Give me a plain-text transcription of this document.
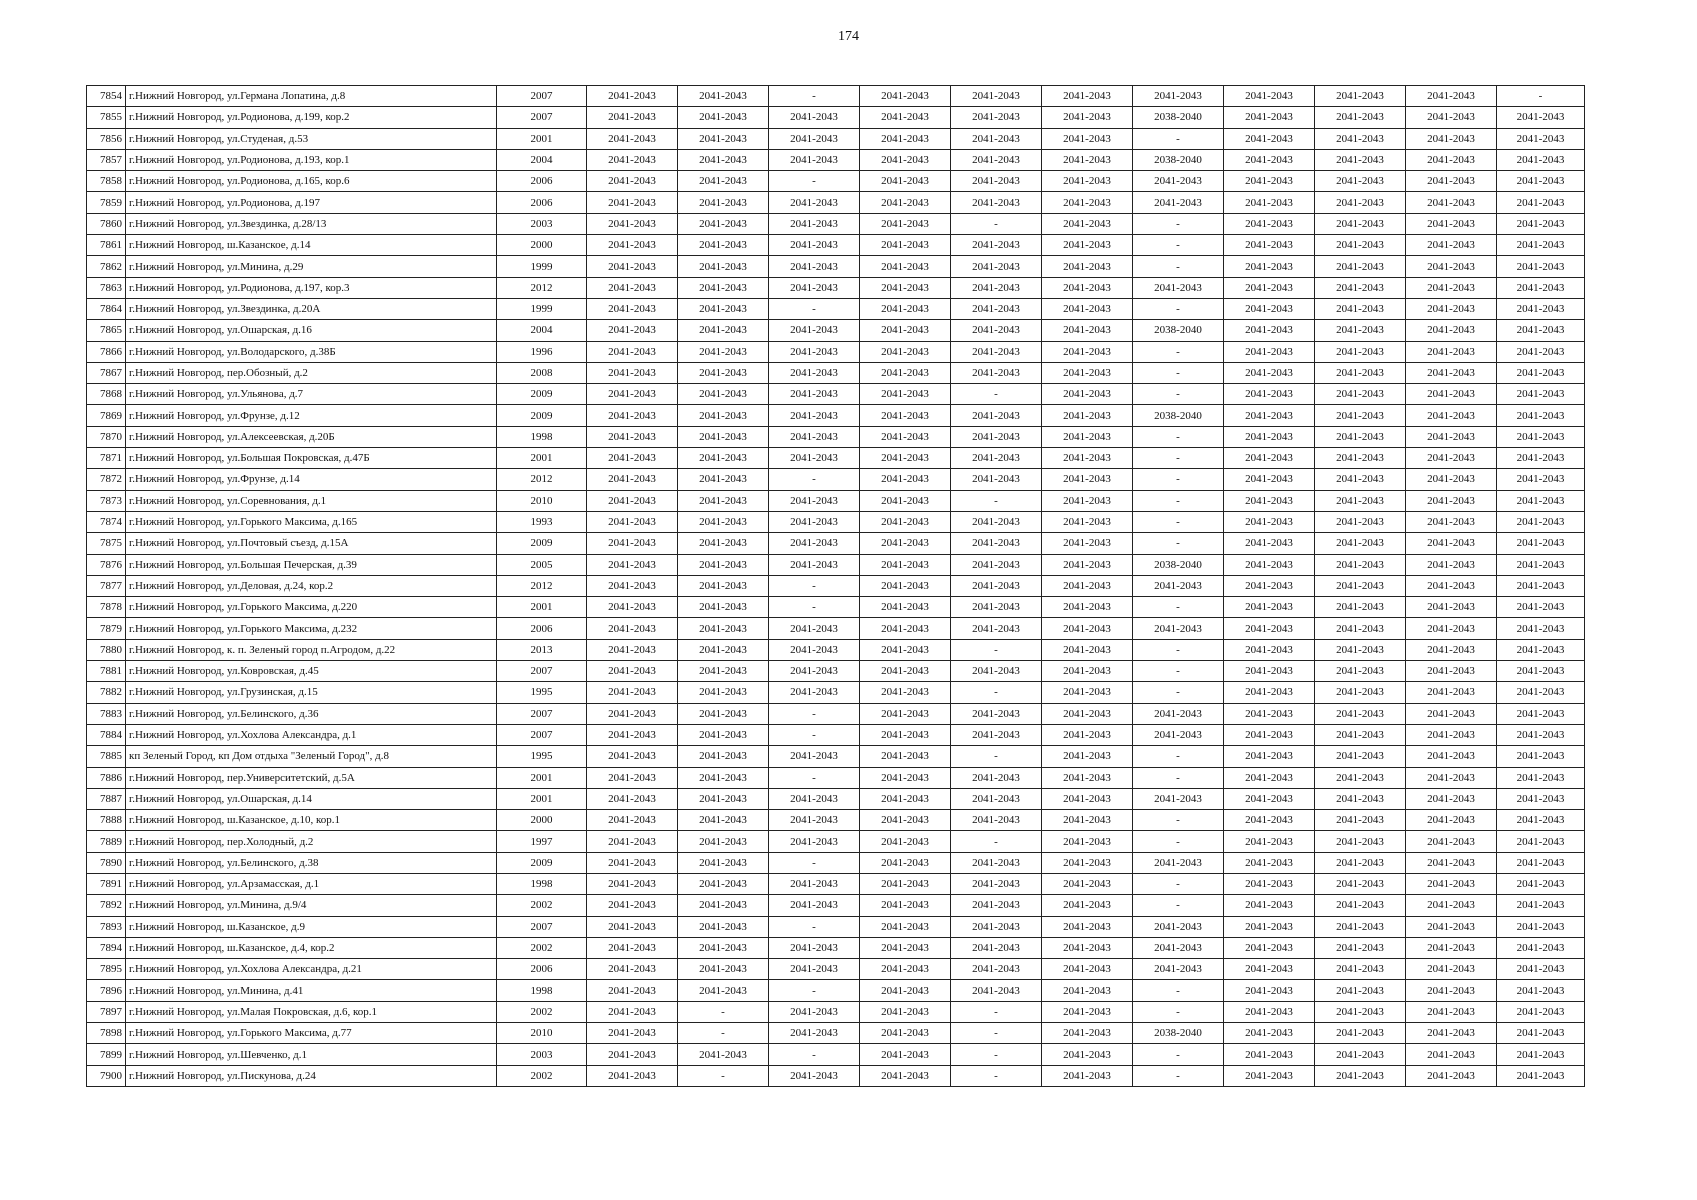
174
7854	г.Нижний Новгород, ул.Германа Лопатина, д.8	2007	2041-2043	2041-2043	-	2041-2043	2041-2043	2041-2043	2041-2043	2041-2043	2041-2043	2041-2043	-
7855	г.Нижний Новгород, ул.Родионова, д.199, кор.2	2007	2041-2043	2041-2043	2041-2043	2041-2043	2041-2043	2041-2043	2038-2040	2041-2043	2041-2043	2041-2043	2041-2043
7856	г.Нижний Новгород, ул.Студеная, д.53	2001	2041-2043	2041-2043	2041-2043	2041-2043	2041-2043	2041-2043	-	2041-2043	2041-2043	2041-2043	2041-2043
7857	г.Нижний Новгород, ул.Родионова, д.193, кор.1	2004	2041-2043	2041-2043	2041-2043	2041-2043	2041-2043	2041-2043	2038-2040	2041-2043	2041-2043	2041-2043	2041-2043
7858	г.Нижний Новгород, ул.Родионова, д.165, кор.6	2006	2041-2043	2041-2043	-	2041-2043	2041-2043	2041-2043	2041-2043	2041-2043	2041-2043	2041-2043	2041-2043
7859	г.Нижний Новгород, ул.Родионова, д.197	2006	2041-2043	2041-2043	2041-2043	2041-2043	2041-2043	2041-2043	2041-2043	2041-2043	2041-2043	2041-2043	2041-2043
7860	г.Нижний Новгород, ул.Звездинка, д.28/13	2003	2041-2043	2041-2043	2041-2043	2041-2043	-	2041-2043	-	2041-2043	2041-2043	2041-2043	2041-2043
7861	г.Нижний Новгород, ш.Казанское, д.14	2000	2041-2043	2041-2043	2041-2043	2041-2043	2041-2043	2041-2043	-	2041-2043	2041-2043	2041-2043	2041-2043
7862	г.Нижний Новгород, ул.Минина, д.29	1999	2041-2043	2041-2043	2041-2043	2041-2043	2041-2043	2041-2043	-	2041-2043	2041-2043	2041-2043	2041-2043
7863	г.Нижний Новгород, ул.Родионова, д.197, кор.3	2012	2041-2043	2041-2043	2041-2043	2041-2043	2041-2043	2041-2043	2041-2043	2041-2043	2041-2043	2041-2043	2041-2043
7864	г.Нижний Новгород, ул.Звездинка, д.20А	1999	2041-2043	2041-2043	-	2041-2043	2041-2043	2041-2043	-	2041-2043	2041-2043	2041-2043	2041-2043
7865	г.Нижний Новгород, ул.Ошарская, д.16	2004	2041-2043	2041-2043	2041-2043	2041-2043	2041-2043	2041-2043	2038-2040	2041-2043	2041-2043	2041-2043	2041-2043
7866	г.Нижний Новгород, ул.Володарского, д.38Б	1996	2041-2043	2041-2043	2041-2043	2041-2043	2041-2043	2041-2043	-	2041-2043	2041-2043	2041-2043	2041-2043
7867	г.Нижний Новгород, пер.Обозный, д.2	2008	2041-2043	2041-2043	2041-2043	2041-2043	2041-2043	2041-2043	-	2041-2043	2041-2043	2041-2043	2041-2043
7868	г.Нижний Новгород, ул.Ульянова, д.7	2009	2041-2043	2041-2043	2041-2043	2041-2043	-	2041-2043	-	2041-2043	2041-2043	2041-2043	2041-2043
7869	г.Нижний Новгород, ул.Фрунзе, д.12	2009	2041-2043	2041-2043	2041-2043	2041-2043	2041-2043	2041-2043	2038-2040	2041-2043	2041-2043	2041-2043	2041-2043
7870	г.Нижний Новгород, ул.Алексеевская, д.20Б	1998	2041-2043	2041-2043	2041-2043	2041-2043	2041-2043	2041-2043	-	2041-2043	2041-2043	2041-2043	2041-2043
7871	г.Нижний Новгород, ул.Большая Покровская, д.47Б	2001	2041-2043	2041-2043	2041-2043	2041-2043	2041-2043	2041-2043	-	2041-2043	2041-2043	2041-2043	2041-2043
7872	г.Нижний Новгород, ул.Фрунзе, д.14	2012	2041-2043	2041-2043	-	2041-2043	2041-2043	2041-2043	-	2041-2043	2041-2043	2041-2043	2041-2043
7873	г.Нижний Новгород, ул.Соревнования, д.1	2010	2041-2043	2041-2043	2041-2043	2041-2043	-	2041-2043	-	2041-2043	2041-2043	2041-2043	2041-2043
7874	г.Нижний Новгород, ул.Горького Максима, д.165	1993	2041-2043	2041-2043	2041-2043	2041-2043	2041-2043	2041-2043	-	2041-2043	2041-2043	2041-2043	2041-2043
7875	г.Нижний Новгород, ул.Почтовый съезд, д.15А	2009	2041-2043	2041-2043	2041-2043	2041-2043	2041-2043	2041-2043	-	2041-2043	2041-2043	2041-2043	2041-2043
7876	г.Нижний Новгород, ул.Большая Печерская, д.39	2005	2041-2043	2041-2043	2041-2043	2041-2043	2041-2043	2041-2043	2038-2040	2041-2043	2041-2043	2041-2043	2041-2043
7877	г.Нижний Новгород, ул.Деловая, д.24, кор.2	2012	2041-2043	2041-2043	-	2041-2043	2041-2043	2041-2043	2041-2043	2041-2043	2041-2043	2041-2043	2041-2043
7878	г.Нижний Новгород, ул.Горького Максима, д.220	2001	2041-2043	2041-2043	-	2041-2043	2041-2043	2041-2043	-	2041-2043	2041-2043	2041-2043	2041-2043
7879	г.Нижний Новгород, ул.Горького Максима, д.232	2006	2041-2043	2041-2043	2041-2043	2041-2043	2041-2043	2041-2043	2041-2043	2041-2043	2041-2043	2041-2043	2041-2043
7880	г.Нижний Новгород, к. п. Зеленый город п.Агродом, д.22	2013	2041-2043	2041-2043	2041-2043	2041-2043	-	2041-2043	-	2041-2043	2041-2043	2041-2043	2041-2043
7881	г.Нижний Новгород, ул.Ковровская, д.45	2007	2041-2043	2041-2043	2041-2043	2041-2043	2041-2043	2041-2043	-	2041-2043	2041-2043	2041-2043	2041-2043
7882	г.Нижний Новгород, ул.Грузинская, д.15	1995	2041-2043	2041-2043	2041-2043	2041-2043	-	2041-2043	-	2041-2043	2041-2043	2041-2043	2041-2043
7883	г.Нижний Новгород, ул.Белинского, д.36	2007	2041-2043	2041-2043	-	2041-2043	2041-2043	2041-2043	2041-2043	2041-2043	2041-2043	2041-2043	2041-2043
7884	г.Нижний Новгород, ул.Хохлова Александра, д.1	2007	2041-2043	2041-2043	-	2041-2043	2041-2043	2041-2043	2041-2043	2041-2043	2041-2043	2041-2043	2041-2043
7885	кп Зеленый Город, кп Дом отдыха "Зеленый Город", д.8	1995	2041-2043	2041-2043	2041-2043	2041-2043	-	2041-2043	-	2041-2043	2041-2043	2041-2043	2041-2043
7886	г.Нижний Новгород, пер.Университетский, д.5А	2001	2041-2043	2041-2043	-	2041-2043	2041-2043	2041-2043	-	2041-2043	2041-2043	2041-2043	2041-2043
7887	г.Нижний Новгород, ул.Ошарская, д.14	2001	2041-2043	2041-2043	2041-2043	2041-2043	2041-2043	2041-2043	2041-2043	2041-2043	2041-2043	2041-2043	2041-2043
7888	г.Нижний Новгород, ш.Казанское, д.10, кор.1	2000	2041-2043	2041-2043	2041-2043	2041-2043	2041-2043	2041-2043	-	2041-2043	2041-2043	2041-2043	2041-2043
7889	г.Нижний Новгород, пер.Холодный, д.2	1997	2041-2043	2041-2043	2041-2043	2041-2043	-	2041-2043	-	2041-2043	2041-2043	2041-2043	2041-2043
7890	г.Нижний Новгород, ул.Белинского, д.38	2009	2041-2043	2041-2043	-	2041-2043	2041-2043	2041-2043	2041-2043	2041-2043	2041-2043	2041-2043	2041-2043
7891	г.Нижний Новгород, ул.Арзамасская, д.1	1998	2041-2043	2041-2043	2041-2043	2041-2043	2041-2043	2041-2043	-	2041-2043	2041-2043	2041-2043	2041-2043
7892	г.Нижний Новгород, ул.Минина, д.9/4	2002	2041-2043	2041-2043	2041-2043	2041-2043	2041-2043	2041-2043	-	2041-2043	2041-2043	2041-2043	2041-2043
7893	г.Нижний Новгород, ш.Казанское, д.9	2007	2041-2043	2041-2043	-	2041-2043	2041-2043	2041-2043	2041-2043	2041-2043	2041-2043	2041-2043	2041-2043
7894	г.Нижний Новгород, ш.Казанское, д.4, кор.2	2002	2041-2043	2041-2043	2041-2043	2041-2043	2041-2043	2041-2043	2041-2043	2041-2043	2041-2043	2041-2043	2041-2043
7895	г.Нижний Новгород, ул.Хохлова Александра, д.21	2006	2041-2043	2041-2043	2041-2043	2041-2043	2041-2043	2041-2043	2041-2043	2041-2043	2041-2043	2041-2043	2041-2043
7896	г.Нижний Новгород, ул.Минина, д.41	1998	2041-2043	2041-2043	-	2041-2043	2041-2043	2041-2043	-	2041-2043	2041-2043	2041-2043	2041-2043
7897	г.Нижний Новгород, ул.Малая Покровская, д.6, кор.1	2002	2041-2043	-	2041-2043	2041-2043	-	2041-2043	-	2041-2043	2041-2043	2041-2043	2041-2043
7898	г.Нижний Новгород, ул.Горького Максима, д.77	2010	2041-2043	-	2041-2043	2041-2043	-	2041-2043	2038-2040	2041-2043	2041-2043	2041-2043	2041-2043
7899	г.Нижний Новгород, ул.Шевченко, д.1	2003	2041-2043	2041-2043	-	2041-2043	-	2041-2043	-	2041-2043	2041-2043	2041-2043	2041-2043
7900	г.Нижний Новгород, ул.Пискунова, д.24	2002	2041-2043	-	2041-2043	2041-2043	-	2041-2043	-	2041-2043	2041-2043	2041-2043	2041-2043
